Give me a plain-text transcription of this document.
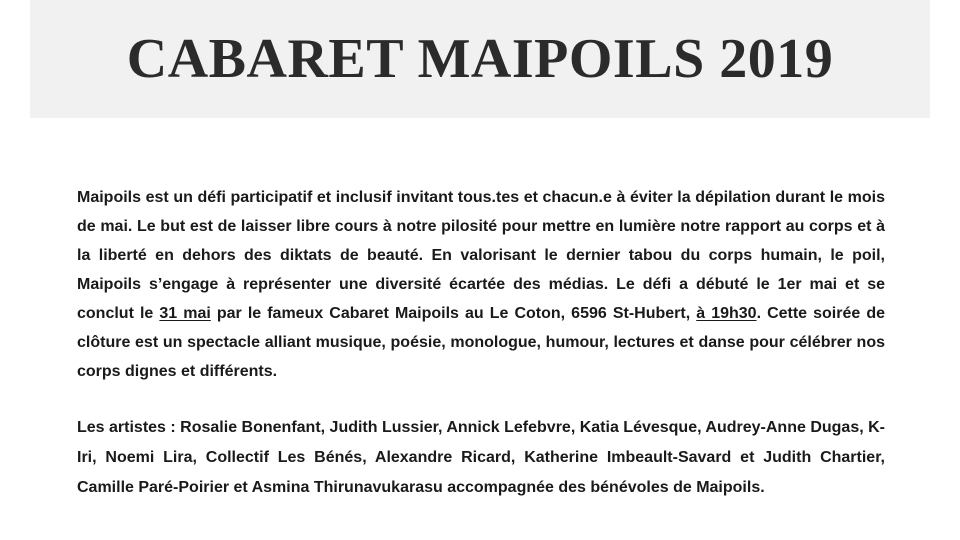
CABARET MAIPOILS 2019
Maipoils est un défi participatif et inclusif invitant tous.tes et chacun.e à éviter la dépilation durant le mois de mai. Le but est de laisser libre cours à notre pilosité pour mettre en lumière notre rapport au corps et à la liberté en dehors des diktats de beauté. En valorisant le dernier tabou du corps humain, le poil, Maipoils s’engage à représenter une diversité écartée des médias. Le défi a débuté le 1er mai et se conclut le 31 mai par le fameux Cabaret Maipoils au Le Coton, 6596 St-Hubert, à 19h30. Cette soirée de clôture est un spectacle alliant musique, poésie, monologue, humour, lectures et danse pour célébrer nos corps dignes et différents.
Les artistes : Rosalie Bonenfant, Judith Lussier, Annick Lefebvre, Katia Lévesque, Audrey-Anne Dugas, K-Iri, Noemi Lira, Collectif Les Bénés, Alexandre Ricard, Katherine Imbeault-Savard et Judith Chartier, Camille Paré-Poirier et Asmina Thirunavukarasu accompagnée des bénévoles de Maipoils.
